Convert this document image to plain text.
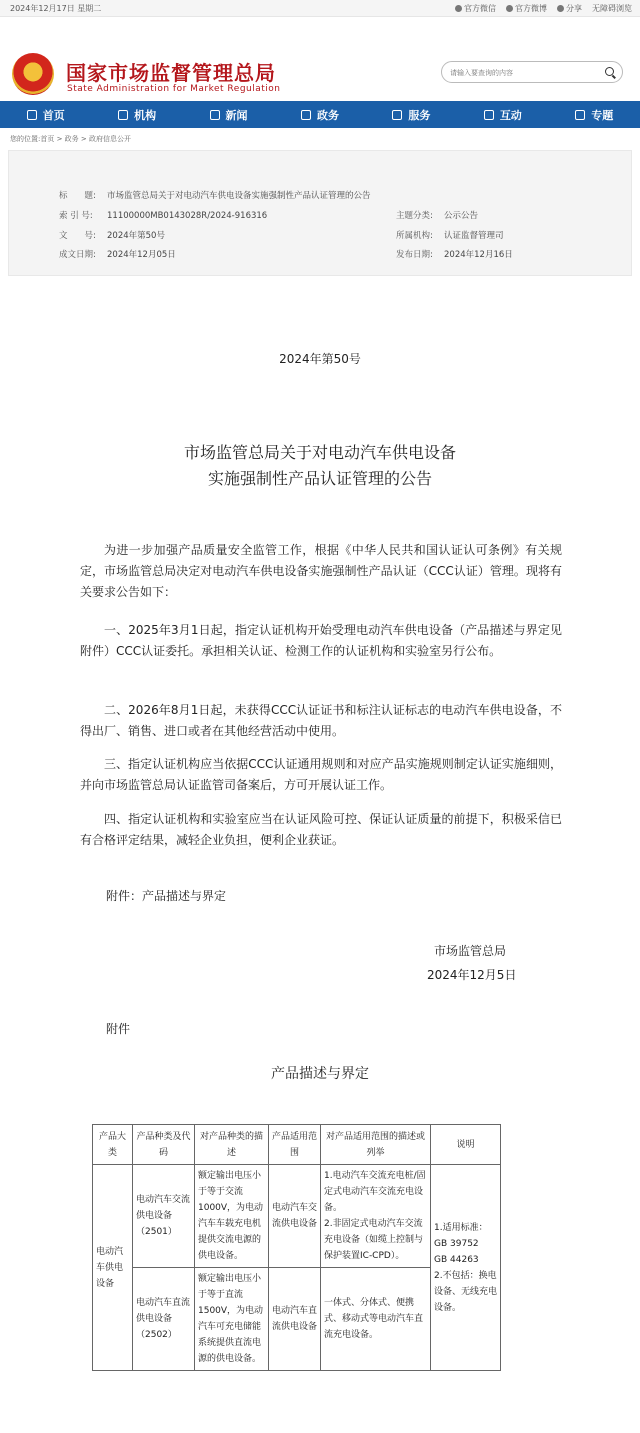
2024年12月17日 星期二	官方微信 官方微博 分享 无障碍浏览
国家市场监督管理总局
State Administration for Market Regulation
请输入要查询的内容
首页	机构	新闻	政务	服务	互动	专题
您的位置:首页 > 政务 > 政府信息公开
标　　题: 市场监管总局关于对电动汽车供电设备实施强制性产品认证管理的公告
索 引 号: 11100000MB0143028R/2024-916316	主题分类: 公示公告
文　　号: 2024年第50号	所属机构: 认证监督管理司
成文日期: 2024年12月05日	发布日期: 2024年12月16日
2024年第50号
市场监管总局关于对电动汽车供电设备
实施强制性产品认证管理的公告
为进一步加强产品质量安全监管工作，根据《中华人民共和国认证认可条例》有关规定，市场监管总局决定对电动汽车供电设备实施强制性产品认证（CCC认证）管理。现将有关要求公告如下：
一、2025年3月1日起，指定认证机构开始受理电动汽车供电设备（产品描述与界定见附件）CCC认证委托。承担相关认证、检测工作的认证机构和实验室另行公布。
二、2026年8月1日起，未获得CCC认证证书和标注认证标志的电动汽车供电设备，不得出厂、销售、进口或者在其他经营活动中使用。
三、指定认证机构应当依据CCC认证通用规则和对应产品实施规则制定认证实施细则，并向市场监管总局认证监管司备案后，方可开展认证工作。
四、指定认证机构和实验室应当在认证风险可控、保证认证质量的前提下，积极采信已有合格评定结果，减轻企业负担，便利企业获证。
附件：产品描述与界定
市场监管总局
2024年12月5日
附件
产品描述与界定
产品大类	产品种类及代码	对产品种类的描述	产品适用范围	对产品适用范围的描述或列举	说明
电动汽车供电设备	电动汽车交流供电设备（2501）	额定输出电压小于等于交流1000V，为电动汽车车载充电机提供交流电源的供电设备。	电动汽车交流供电设备	1.电动汽车交流充电桩/固定式电动汽车交流充电设备。
2.非固定式电动汽车交流充电设备（如缆上控制与保护装置IC-CPD）。	1.适用标准：
GB 39752
GB 44263
2.不包括：换电设备、无线充电设备。
	电动汽车直流供电设备（2502）	额定输出电压小于等于直流1500V，为电动汽车可充电储能系统提供直流电源的供电设备。	电动汽车直流供电设备	一体式、分体式、便携式、移动式等电动汽车直流充电设备。	
